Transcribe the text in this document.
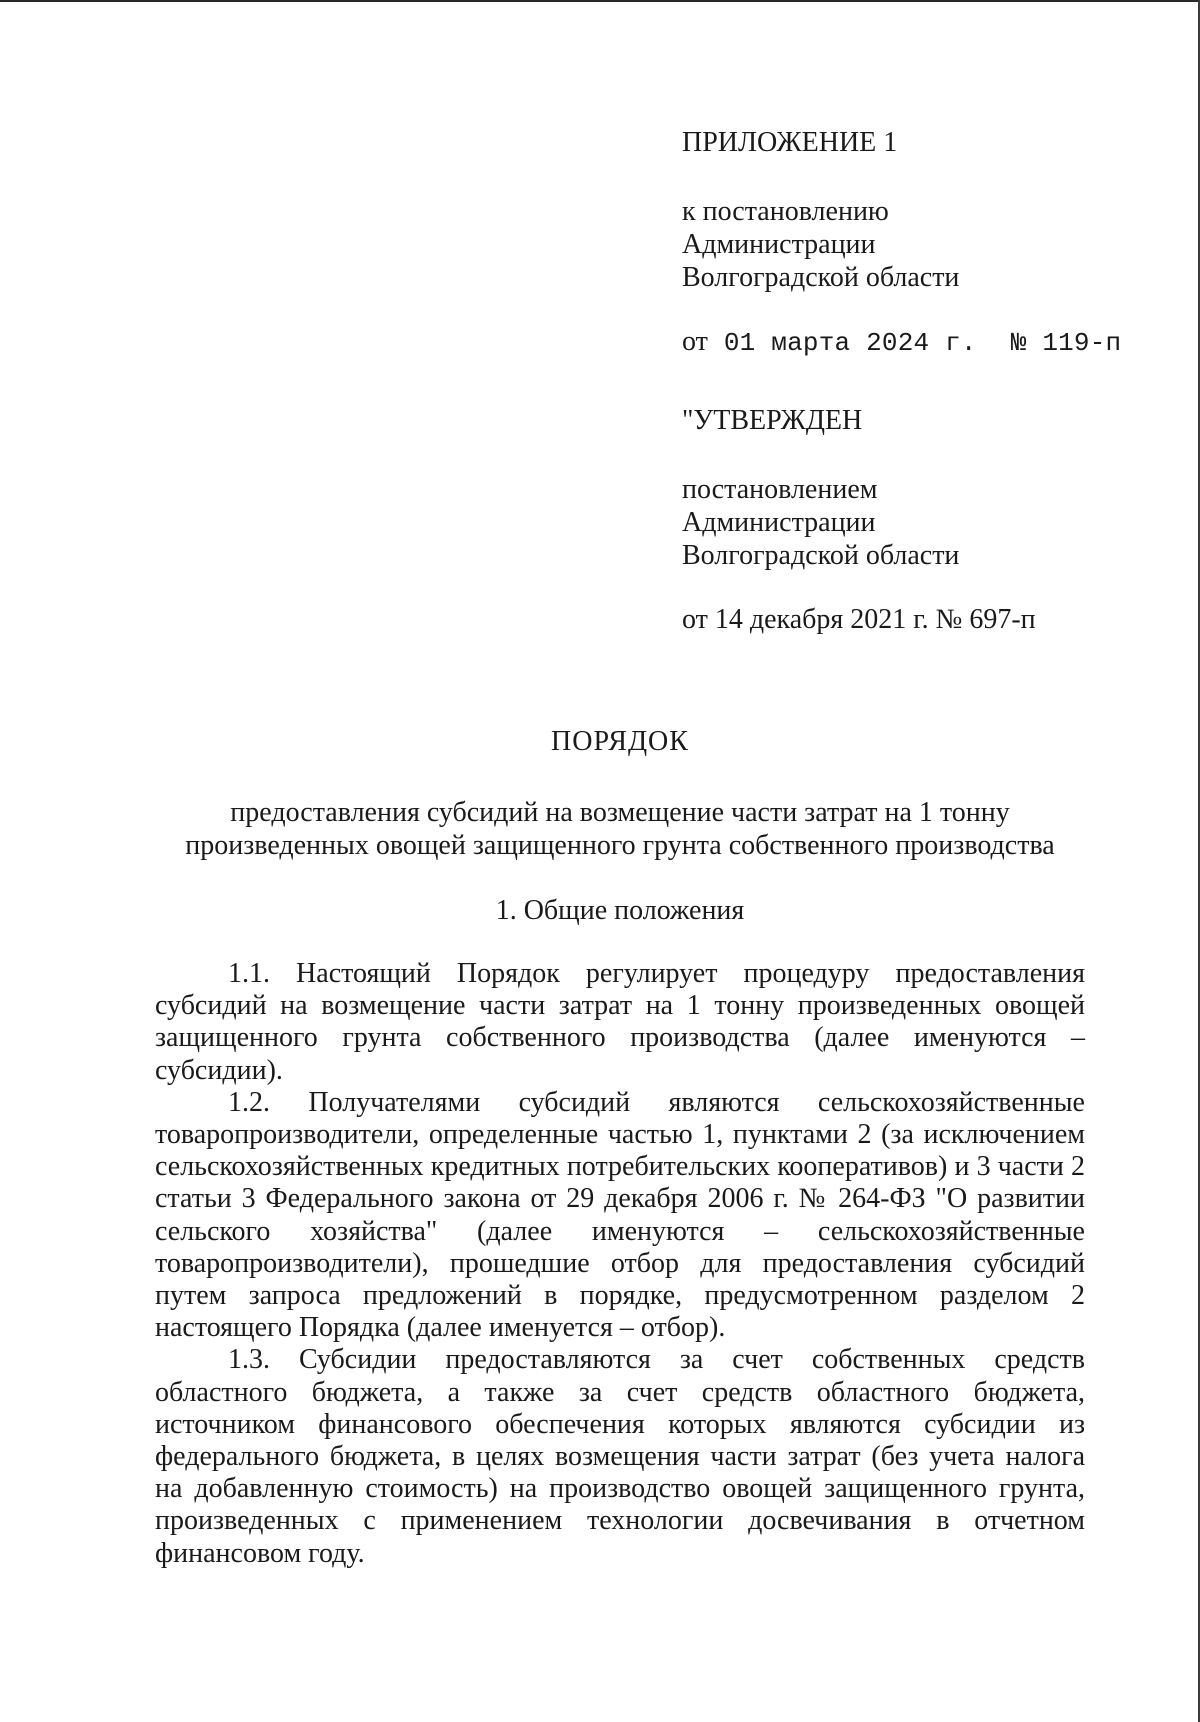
ПРИЛОЖЕНИЕ 1
к постановлению
Администрации
Волгоградской области
от 01 марта 2024 г. № 119-п
"УТВЕРЖДЕН
постановлением
Администрации
Волгоградской области
от 14 декабря 2021 г. № 697-п
ПОРЯДОК
предоставления субсидий на возмещение части затрат на 1 тонну
произведенных овощей защищенного грунта собственного производства
1. Общие положения

1.1. Настоящий Порядок регулирует процедуру предоставления субсидий на возмещение части затрат на 1 тонну произведенных овощей защищенного грунта собственного производства (далее именуются – субсидии).

1.2. Получателями субсидий являются сельскохозяйственные товаропроизводители, определенные частью 1, пунктами 2 (за исключением сельскохозяйственных кредитных потребительских кооперативов) и 3 части 2 статьи 3 Федерального закона от 29 декабря 2006 г. № 264-ФЗ "О развитии сельского хозяйства" (далее именуются – сельскохозяйственные товаропроизводители), прошедшие отбор для предоставления субсидий путем запроса предложений в порядке, предусмотренном разделом 2 настоящего Порядка (далее именуется – отбор).

1.3. Субсидии предоставляются за счет собственных средств областного бюджета, а также за счет средств областного бюджета, источником финансового обеспечения которых являются субсидии из федерального бюджета, в целях возмещения части затрат (без учета налога на добавленную стоимость) на производство овощей защищенного грунта, произведенных с применением технологии досвечивания в отчетном финансовом году.
